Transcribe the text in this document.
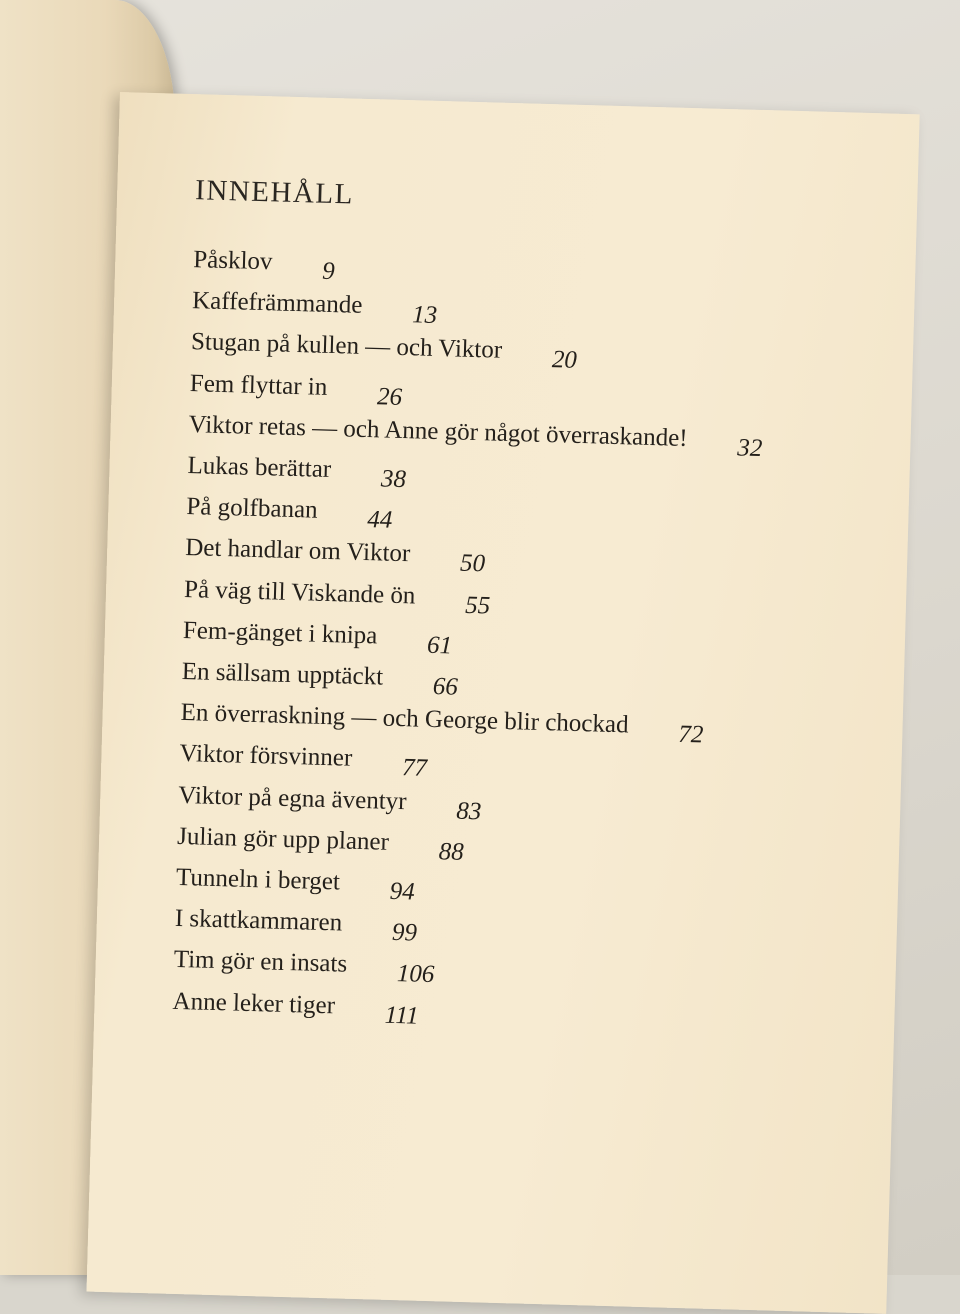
INNEHÅLL
Påsklov 9
Kaffefrämmande 13
Stugan på kullen — och Viktor 20
Fem flyttar in 26
Viktor retas — och Anne gör något överraskande! 32
Lukas berättar 38
På golfbanan 44
Det handlar om Viktor 50
På väg till Viskande ön 55
Fem-gänget i knipa 61
En sällsam upptäckt 66
En överraskning — och George blir chockad 72
Viktor försvinner 77
Viktor på egna äventyr 83
Julian gör upp planer 88
Tunneln i berget 94
I skattkammaren 99
Tim gör en insats 106
Anne leker tiger 111
